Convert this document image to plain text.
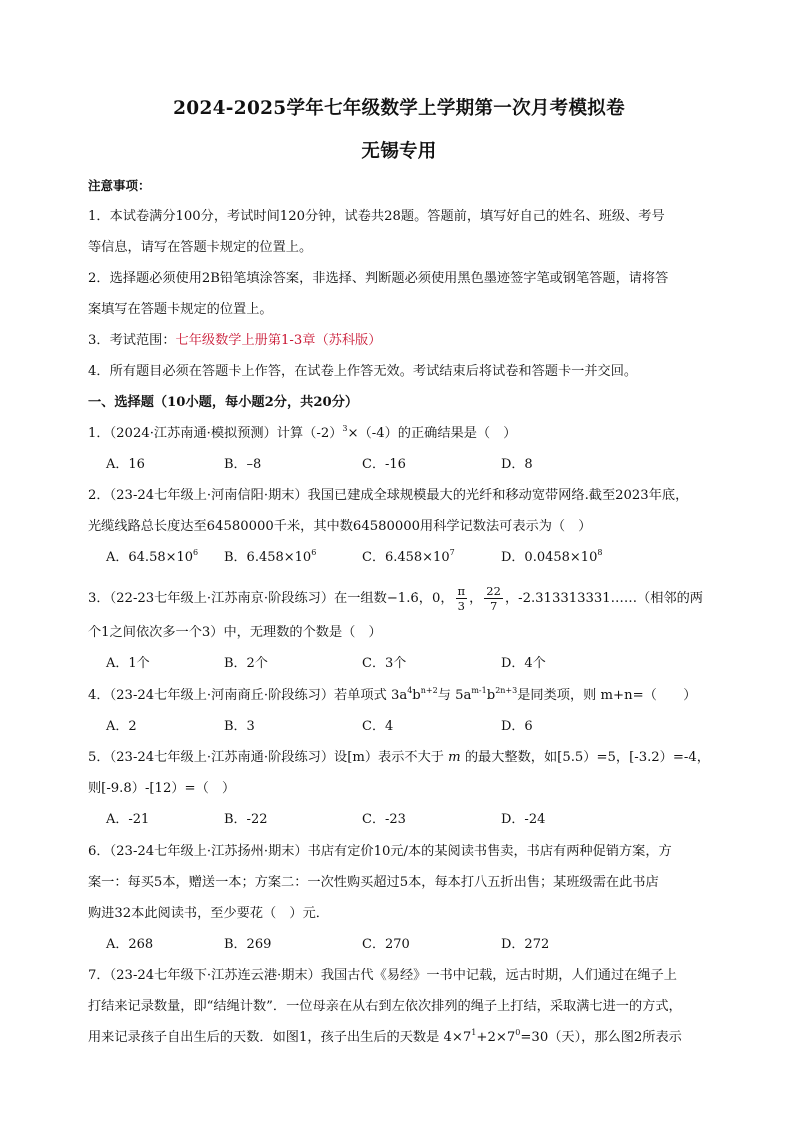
2024-2025学年七年级数学上学期第一次月考模拟卷
无锡专用
注意事项：
1．本试卷满分100分，考试时间120分钟，试卷共28题。答题前，填写好自己的姓名、班级、考号
等信息，请写在答题卡规定的位置上。
2．选择题必须使用2B铅笔填涂答案，非选择、判断题必须使用黑色墨迹签字笔或钢笔答题，请将答
案填写在答题卡规定的位置上。
3．考试范围：七年级数学上册第1-3章（苏科版）
4．所有题目必须在答题卡上作答，在试卷上作答无效。考试结束后将试卷和答题卡一并交回。
一、选择题（10小题，每小题2分，共20分）
1．（2024·江苏南通·模拟预测）计算$(-2)^3\times(-4)$的正确结果是（　）
A．16	B．–8	C．-16	D．8
2．（23-24七年级上·河南信阳·期末）我国已建成全球规模最大的光纤和移动宽带网络.截至2023年底，
光缆线路总长度达至64580000千米，其中数64580000用科学记数法可表示为（　）
A．$64.58\times 10^6$ B．$6.458\times 10^6$	C．$6.458\times 10^7$	D．$0.0458\times 10^8$
3．（22-23七年级上·江苏南京·阶段练习）在一组数−1.6̇，0， $\frac{\pi}{3}$ ， $\frac{22}{7}$ ，-2.313313331……（相邻的两
个1之间依次多一个3）中，无理数的个数是（　）
A．1个	B．2个	C．3个	D．4个
4．（23-24七年级上·河南商丘·阶段练习）若单项式 $3a^4b^{n+2}$与 $5a^{m-1}b^{2n+3}$是同类项，则 m+n=（　　）
A．2	B．3	C．4	D．6
5．（23-24七年级上·江苏南通·阶段练习）设[m）表示不大于 m 的最大整数，如[5.5）=5，[-3.2）=-4，
则[-9.8）-[12）=（　）
A．-21	B．-22	C．-23	D．-24
6．（23-24七年级上·江苏扬州·期末）书店有定价10元/本的某阅读书售卖，书店有两种促销方案，方
案一：每买5本，赠送一本；方案二：一次性购买超过5本，每本打八五折出售；某班级需在此书店
购进32本此阅读书，至少要花（　）元．
A．268	B．269	C．270	D．272
7．（23-24七年级下·江苏连云港·期末）我国古代《易经》一书中记载，远古时期，人们通过在绳子上
打结来记录数量，即“结绳计数”．一位母亲在从右到左依次排列的绳子上打结，采取满七进一的方式，
用来记录孩子自出生后的天数．如图1，孩子出生后的天数是 $4\times 7^1+2\times 7^0=30$（天），那么图2所表示
